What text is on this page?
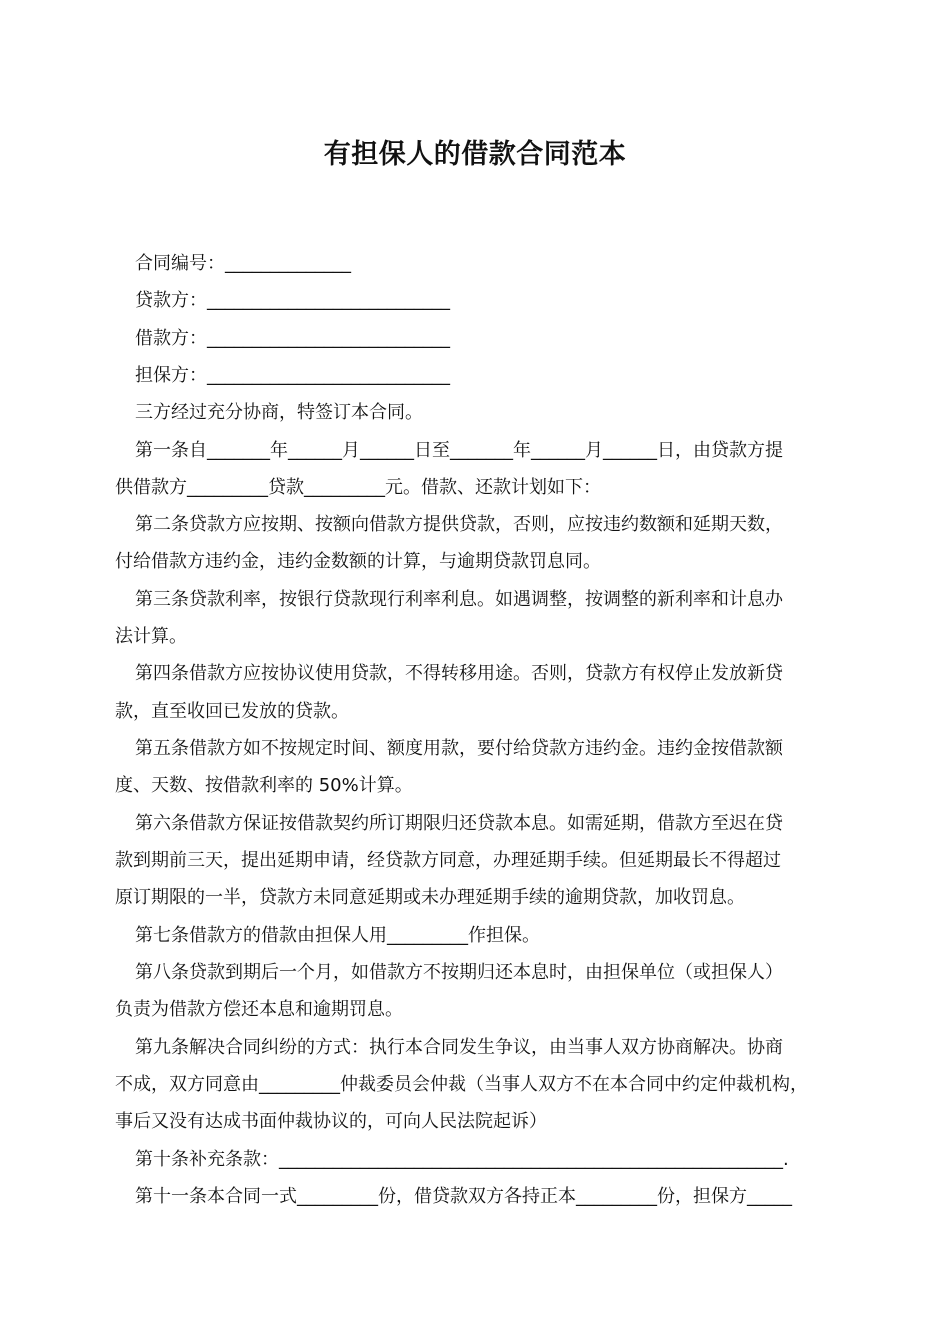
有担保人的借款合同范本
合同编号：______________
贷款方：___________________________
借款方：___________________________
担保方：___________________________
三方经过充分协商，特签订本合同。
第一条自_______年______月______日至_______年______月______日，由贷款方提
供借款方_________贷款_________元。借款、还款计划如下：
第二条贷款方应按期、按额向借款方提供贷款，否则，应按违约数额和延期天数，
付给借款方违约金，违约金数额的计算，与逾期贷款罚息同。
第三条贷款利率，按银行贷款现行利率利息。如遇调整，按调整的新利率和计息办
法计算。
第四条借款方应按协议使用贷款，不得转移用途。否则，贷款方有权停止发放新贷
款，直至收回已发放的贷款。
第五条借款方如不按规定时间、额度用款，要付给贷款方违约金。违约金按借款额
度、天数、按借款利率的 50%计算。
第六条借款方保证按借款契约所订期限归还贷款本息。如需延期，借款方至迟在贷
款到期前三天，提出延期申请，经贷款方同意，办理延期手续。但延期最长不得超过
原订期限的一半，贷款方未同意延期或未办理延期手续的逾期贷款，加收罚息。
第七条借款方的借款由担保人用_________作担保。
第八条贷款到期后一个月，如借款方不按期归还本息时，由担保单位（或担保人）
负责为借款方偿还本息和逾期罚息。
第九条解决合同纠纷的方式：执行本合同发生争议，由当事人双方协商解决。协商
不成，双方同意由_________仲裁委员会仲裁（当事人双方不在本合同中约定仲裁机构，
事后又没有达成书面仲裁协议的，可向人民法院起诉）
第十条补充条款：________________________________________________________.
第十一条本合同一式_________份，借贷款双方各持正本_________份，担保方_____
